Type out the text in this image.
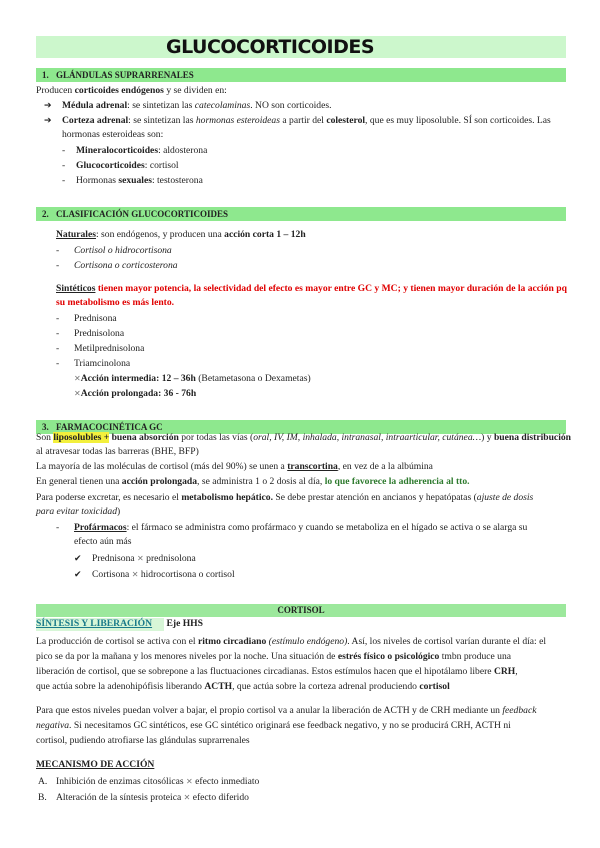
GLUCOCORTICOIDES
1. GLÁNDULAS SUPRARRENALES
Producen corticoides endógenos y se dividen en:
➔ Médula adrenal: se sintetizan las catecolaminas. NO son corticoides.
➔ Corteza adrenal: se sintetizan las hormonas esteroideas a partir del colesterol, que es muy liposoluble. SÍ son corticoides. Las
hormonas esteroideas son:
- Mineralocorticoides: aldosterona
- Glucocorticoides: cortisol
- Hormonas sexuales: testosterona
2. CLASIFICACIÓN GLUCOCORTICOIDES
Naturales: son endógenos, y producen una acción corta 1 – 12h
- Cortisol o hidrocortisona
- Cortisona o corticosterona
Sintéticos tienen mayor potencia, la selectividad del efecto es mayor entre GC y MC; y tienen mayor duración de la acción pq
su metabolismo es más lento.
- Prednisona
- Prednisolona
- Metilprednisolona
- Triamcinolona
✕Acción intermedia: 12 – 36h (Betametasona o Dexametas)
✕Acción prolongada: 36 - 76h
3. FARMACOCINÉTICA GC
Son liposolubles + buena absorción por todas las vías (oral, IV, IM, inhalada, intranasal, intraarticular, cutánea…) y buena distribución
al atravesar todas las barreras (BHE, BFP)
La mayoría de las moléculas de cortisol (más del 90%) se unen a transcortina, en vez de a la albúmina
En general tienen una acción prolongada, se administra 1 o 2 dosis al día, lo que favorece la adherencia al tto.
Para poderse excretar, es necesario el metabolismo hepático. Se debe prestar atención en ancianos y hepatópatas (ajuste de dosis
para evitar toxicidad)
- Profármacos: el fármaco se administra como profármaco y cuando se metaboliza en el hígado se activa o se alarga su
efecto aún más
✔ Prednisona ✕ prednisolona
✔ Cortisona ✕ hidrocortisona o cortisol
CORTISOL
SÍNTESIS Y LIBERACIÓN Eje HHS
La producción de cortisol se activa con el ritmo circadiano (estímulo endógeno). Así, los niveles de cortisol varían durante el día: el
pico se da por la mañana y los menores niveles por la noche. Una situación de estrés físico o psicológico tmbn produce una
liberación de cortisol, que se sobrepone a las fluctuaciones circadianas. Estos estímulos hacen que el hipotálamo libere CRH,
que actúa sobre la adenohipófisis liberando ACTH, que actúa sobre la corteza adrenal produciendo cortisol
Para que estos niveles puedan volver a bajar, el propio cortisol va a anular la liberación de ACTH y de CRH mediante un feedback
negativa. Si necesitamos GC sintéticos, ese GC sintético originará ese feedback negativo, y no se producirá CRH, ACTH ni
cortisol, pudiendo atrofiarse las glándulas suprarrenales
MECANISMO DE ACCIÓN
A. Inhibición de enzimas citosólicas ✕ efecto inmediato
B. Alteración de la síntesis proteica ✕ efecto diferido
